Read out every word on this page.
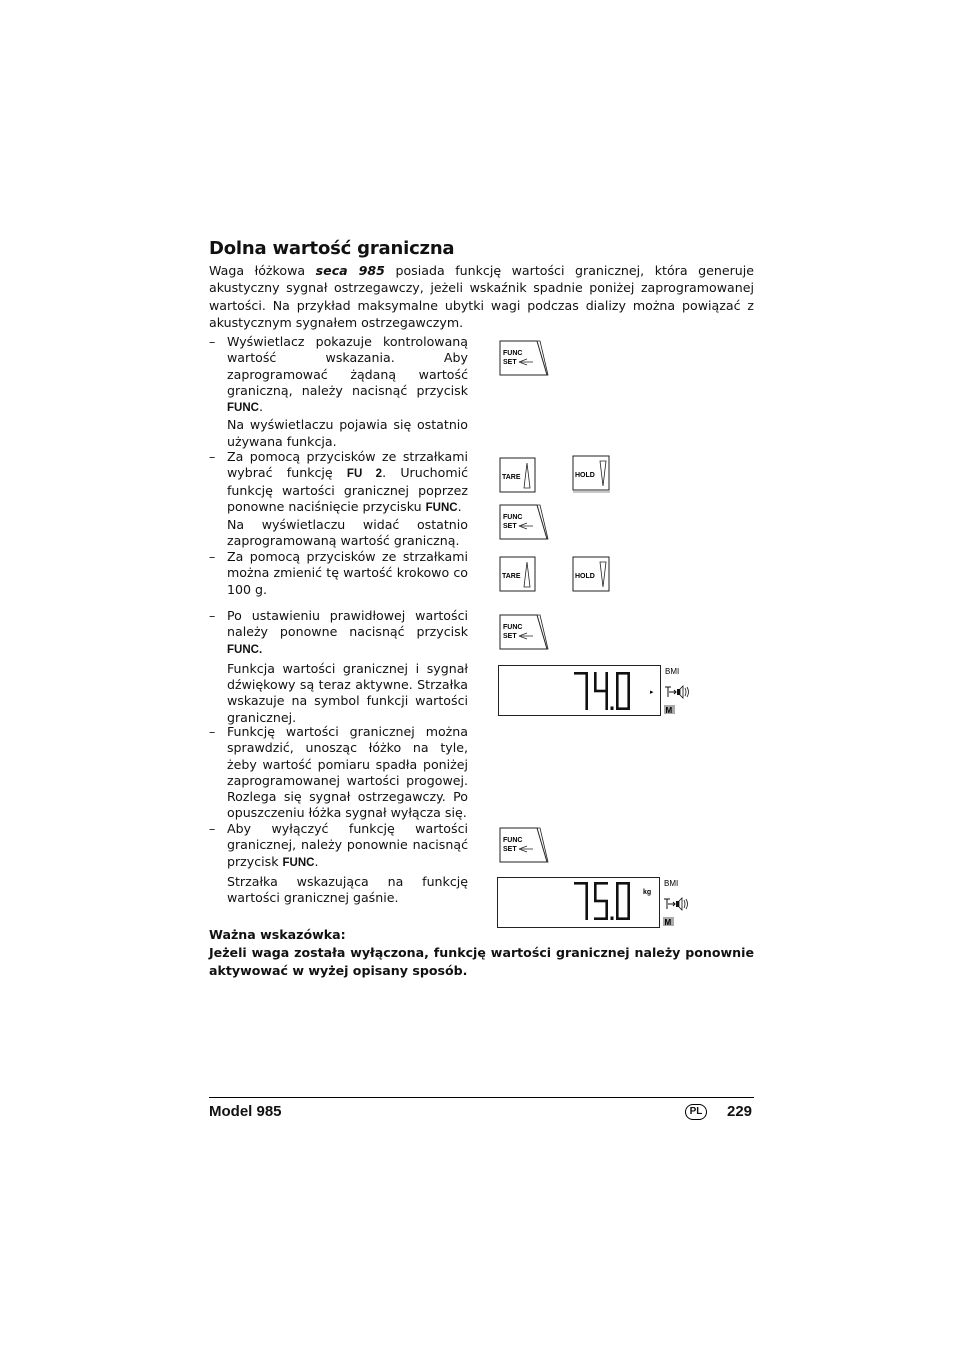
Dolna wartość graniczna
Waga łóżkowa seca 985 posiada funkcję wartości granicznej, która generuje akustyczny sygnał ostrzegawczy, jeżeli wskaźnik spadnie poniżej zaprogramowanej wartości. Na przykład maksymalne ubytki wagi podczas dializy można powiązać z akustycznym sygnałem ostrzegawczym.
– Wyświetlacz pokazuje kontrolowaną wartość wskazania. Aby zaprogramować żądaną wartość graniczną, należy nacisnąć przycisk FUNC.

Na wyświetlaczu pojawia się ostatnio używana funkcja.

– Za pomocą przycisków ze strzałkami wybrać funkcję FU 2. Uruchomić funkcję wartości granicznej poprzez ponowne naciśnięcie przycisku FUNC.

Na wyświetlaczu widać ostatnio zaprogramowaną wartość graniczną.

– Za pomocą przycisków ze strzałkami można zmienić tę wartość krokowo co 100 g.

– Po ustawieniu prawidłowej wartości należy ponowne nacisnąć przycisk FUNC.

Funkcja wartości granicznej i sygnał dźwiękowy są teraz aktywne. Strzałka wskazuje na symbol funkcji wartości granicznej.

– Funkcję wartości granicznej można sprawdzić, unosząc łóżko na tyle, żeby wartość pomiaru spadła poniżej zaprogramowanej wartości progowej. Rozlega się sygnał ostrzegawczy. Po opuszczeniu łóżka sygnał wyłącza się.

– Aby wyłączyć funkcję wartości granicznej, należy ponownie nacisnąć przycisk FUNC.

Strzałka wskazująca na funkcję wartości granicznej gaśnie.

FUNC
SET
FUNC
SET
FUNC
SET
FUNC
SET
TARE
TARE
HOLD
HOLD
▸
BMI
M
kg
BMI
M
Ważna wskazówka:
Jeżeli waga została wyłączona, funkcję wartości granicznej należy ponownie aktywować w wyżej opisany sposób.
Model 985	PL	229
